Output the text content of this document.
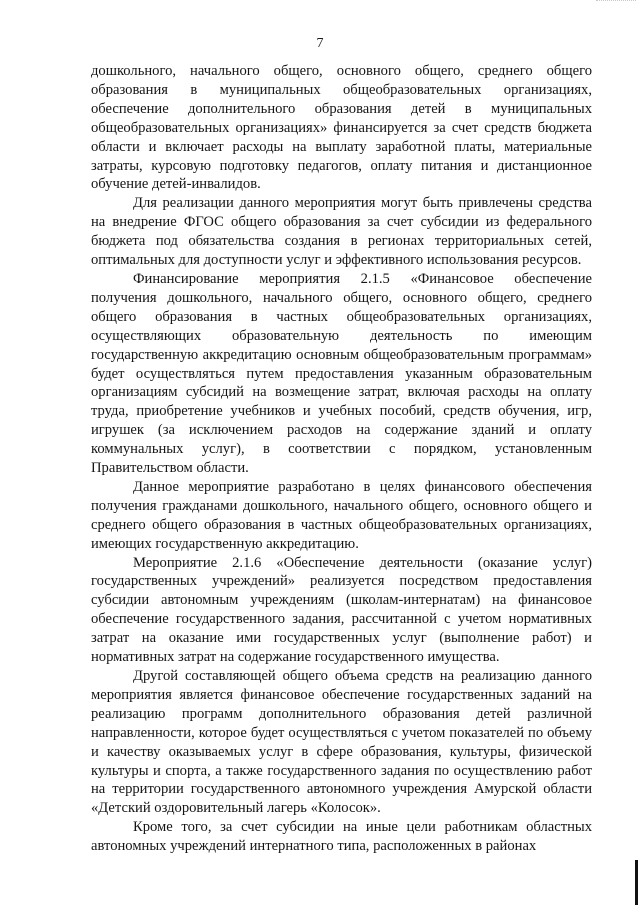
7

дошкольного, начального общего, основного общего, среднего общего образования в муниципальных общеобразовательных организациях, обеспечение дополнительного образования детей в муниципальных общеобразовательных организациях» финансируется за счет средств бюджета области и включает расходы на выплату заработной платы, материальные затраты, курсовую подготовку педагогов, оплату питания и дистанционное обучение детей-инвалидов.

Для реализации данного мероприятия могут быть привлечены средства на внедрение ФГОС общего образования за счет субсидии из федерального бюджета под обязательства создания в регионах территориальных сетей, оптимальных для доступности услуг и эффективного использования ресурсов.

Финансирование мероприятия 2.1.5 «Финансовое обеспечение получения дошкольного, начального общего, основного общего, среднего общего образования в частных общеобразовательных организациях, осуществляющих образовательную деятельность по имеющим государственную аккредитацию основным общеобразовательным программам» будет осуществляться путем предоставления указанным образовательным организациям субсидий на возмещение затрат, включая расходы на оплату труда, приобретение учебников и учебных пособий, средств обучения, игр, игрушек (за исключением расходов на содержание зданий и оплату коммунальных услуг), в соответствии с порядком, установленным Правительством области.

Данное мероприятие разработано в целях финансового обеспечения получения гражданами дошкольного, начального общего, основного общего и среднего общего образования в частных общеобразовательных организациях, имеющих государственную аккредитацию.

Мероприятие 2.1.6 «Обеспечение деятельности (оказание услуг) государственных учреждений» реализуется посредством предоставления субсидии автономным учреждениям (школам-интернатам) на финансовое обеспечение государственного задания, рассчитанной с учетом нормативных затрат на оказание ими государственных услуг (выполнение работ) и нормативных затрат на содержание государственного имущества.

Другой составляющей общего объема средств на реализацию данного мероприятия является финансовое обеспечение государственных заданий на реализацию программ дополнительного образования детей различной направленности, которое будет осуществляться с учетом показателей по объему и качеству оказываемых услуг в сфере образования, культуры, физической культуры и спорта, а также государственного задания по осуществлению работ на территории государственного автономного учреждения Амурской области «Детский оздоровительный лагерь «Колосок».

Кроме того, за счет субсидии на иные цели работникам областных автономных учреждений интернатного типа, расположенных в районах
